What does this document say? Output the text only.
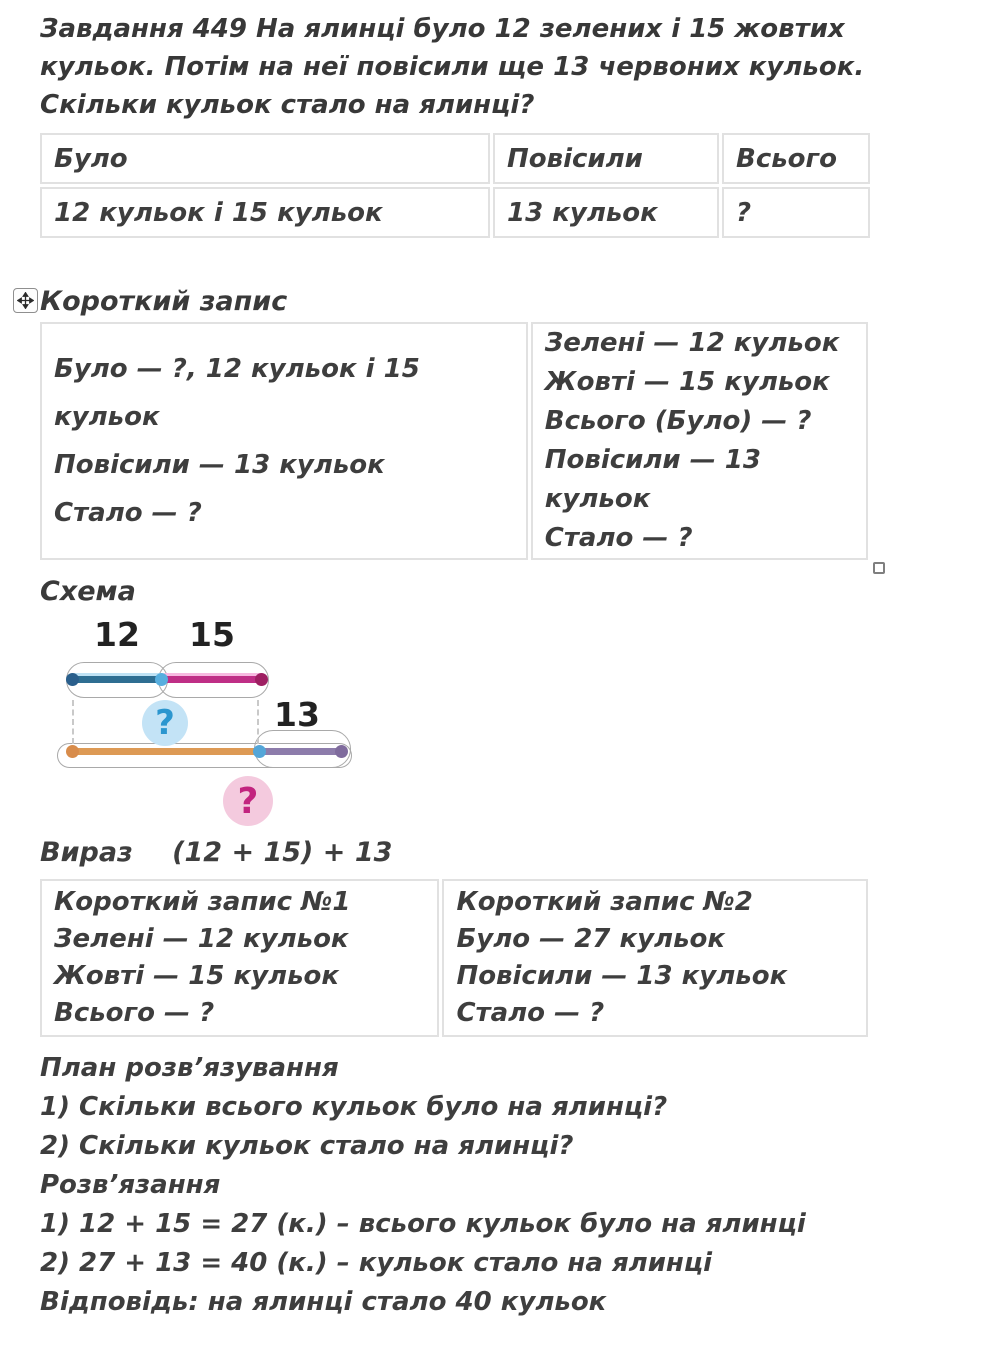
Завдання 449 На ялинці було 12 зелених і 15 жовтих кульок. Потім на неї повісили ще 13 червоних кульок. Скільки кульок стало на ялинці?

Було	Повісили	Всього
12 кульок і 15 кульок	13 кульок	?
Короткий запис
Було — ?, 12 кульок і 15 кульок
Повісили — 13 кульок
Стало — ?

Зелені — 12 кульок
Жовті — 15 кульок
Всього (Було) — ?
Повісили — 13 кульок
Стало — ?
Схема
12 15
?	13
?
Вираз (12 + 15) + 13
Короткий запис №1
Зелені — 12 кульок
Жовті — 15 кульок
Всього — ?

Короткий запис №2
Було — 27 кульок
Повісили — 13 кульок
Стало — ?

План розв’язування

1) Скільки всього кульок було на ялинці?

2) Скільки кульок стало на ялинці?

Розв’язання

1) 12 + 15 = 27 (к.) – всього кульок було на ялинці

2) 27 + 13 = 40 (к.) – кульок стало на ялинці

Відповідь: на ялинці стало 40 кульок
